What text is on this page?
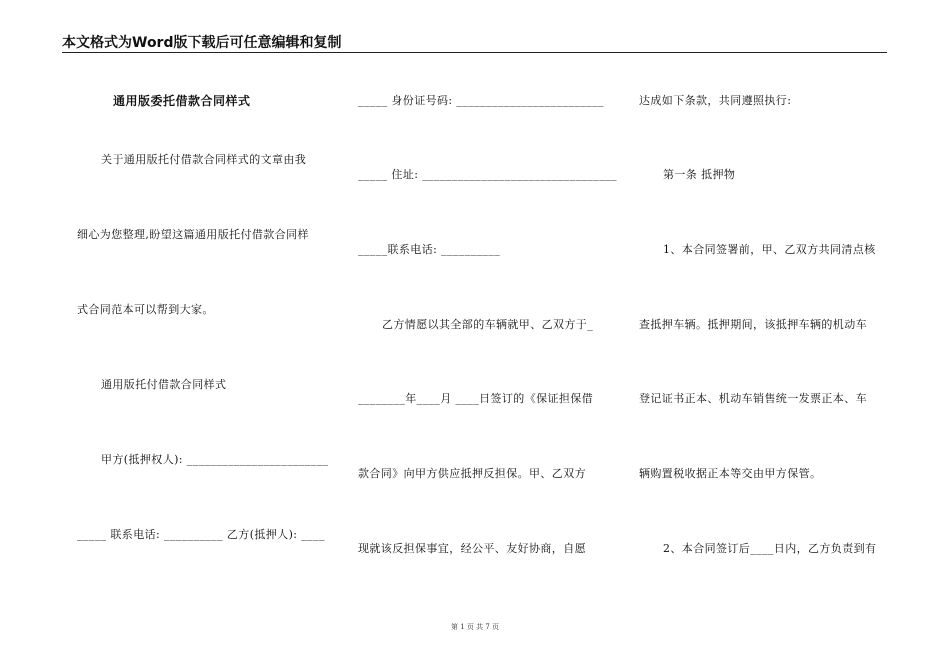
本文格式为Word版下载后可任意编辑和复制
通用版委托借款合同样式
关于通用版托付借款合同样式的文章由我
细心为您整理,盼望这篇通用版托付借款合同样
式合同范本可以帮到大家。
通用版托付借款合同样式
甲方(抵押权人): ________________________
_____ 联系电话: __________ 乙方(抵押人): ____
_____ 身份证号码: _________________________
_____ 住址: _________________________________
_____联系电话: __________
乙方情愿以其全部的车辆就甲、乙双方于_
________年____月 ____日签订的《保证担保借
款合同》向甲方供应抵押反担保。甲、乙双方
现就该反担保事宜，经公平、友好协商，自愿
达成如下条款，共同遵照执行:
第一条 抵押物
1、本合同签署前，甲、乙双方共同清点核
查抵押车辆。抵押期间，该抵押车辆的机动车
登记证书正本、机动车销售统一发票正本、车
辆购置税收据正本等交由甲方保管。
2、本合同签订后____日内，乙方负责到有
第 1 页 共 7 页
